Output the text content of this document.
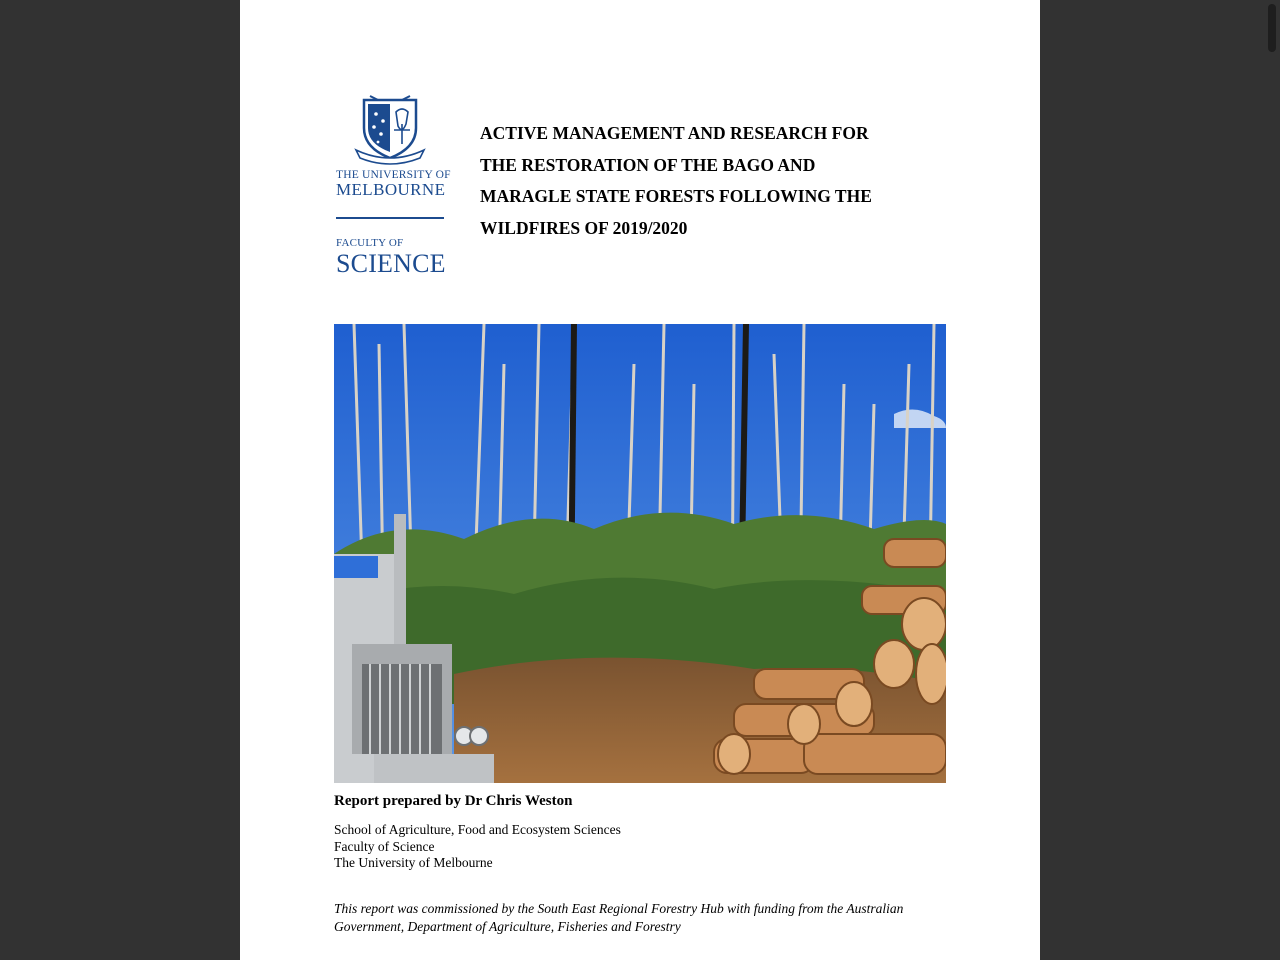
THE UNIVERSITY OF
MELBOURNE
FACULTY OF
SCIENCE
ACTIVE MANAGEMENT AND RESEARCH FOR
THE RESTORATION OF THE BAGO AND
MARAGLE STATE FORESTS FOLLOWING THE
WILDFIRES OF 2019/2020
Report prepared by Dr Chris Weston
School of Agriculture, Food and Ecosystem Sciences
Faculty of Science
The University of Melbourne
This report was commissioned by the South East Regional Forestry Hub with funding from the Australian Government, Department of Agriculture, Fisheries and Forestry
